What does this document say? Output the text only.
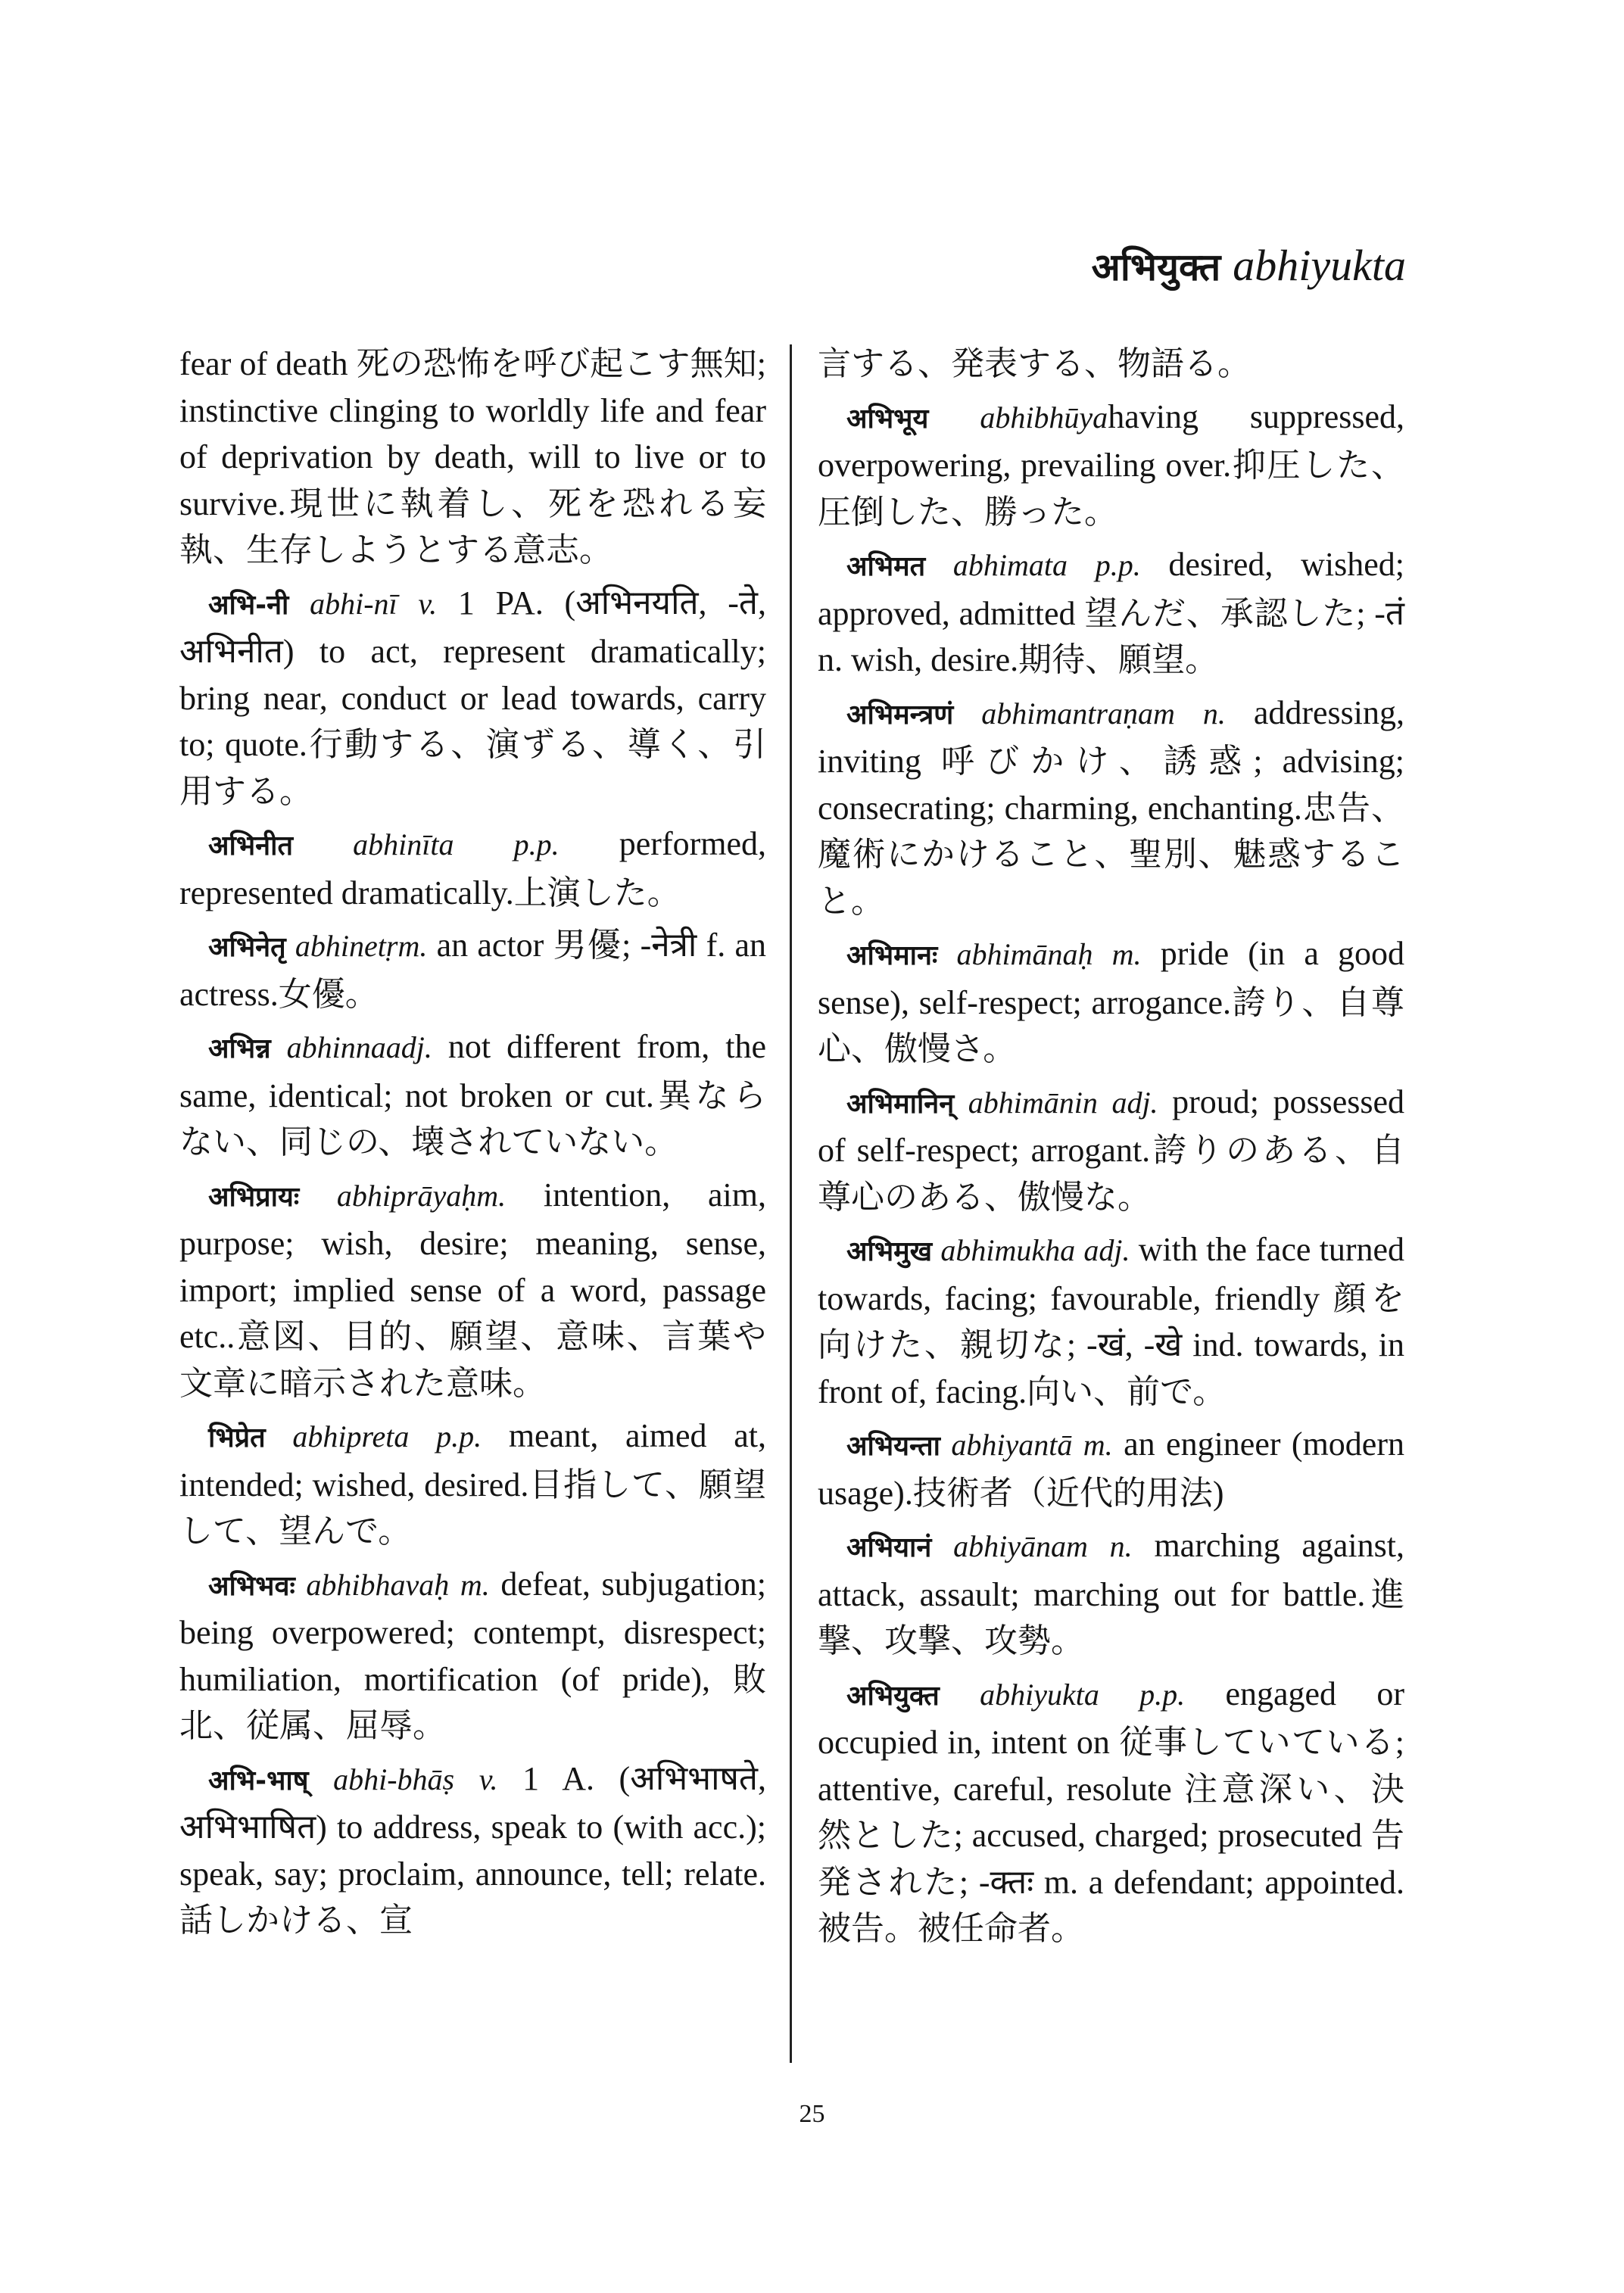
अभियुक्त abhiyukta

fear of death 死の恐怖を呼び起こす無知; instinctive clinging to worldly life and fear of deprivation by death, will to live or to survive.現世に執着し、死を恐れる妄執、生存しようとする意志。

अभि-नी abhi-nī v. 1 PA. (अभिनयति, -ते, अभिनीत) to act, represent dramatically; bring near, conduct or lead towards, carry to; quote.行動する、演ずる、導く、引用する。

अभिनीत abhinīta p.p. performed, represented dramatically.上演した。

अभिनेतृ abhinetṛm. an actor 男優; -नेत्री f. an actress.女優。

अभिन्न abhinnaadj. not different from, the same, identical; not broken or cut.異ならない、同じの、壊されていない。

अभिप्रायः abhiprāyaḥm. intention, aim, purpose; wish, desire; meaning, sense, import; implied sense of a word, passage etc..意図、目的、願望、意味、言葉や文章に暗示された意味。

भिप्रेत abhipreta p.p. meant, aimed at, intended; wished, desired.目指して、願望して、望んで。

अभिभवः abhibhavaḥ m. defeat, subjugation; being overpowered; contempt, disrespect; humiliation, mortification (of pride), 敗北、従属、屈辱。

अभि-भाष् abhi-bhāṣ v. 1 A. (अभिभाषते, अभिभाषित) to address, speak to (with acc.); speak, say; proclaim, announce, tell; relate.話しかける、宣

言する、発表する、物語る。

अभिभूय abhibhūyahaving suppressed, overpowering, prevailing over.抑圧した、圧倒した、勝った。

अभिमत abhimata p.p. desired, wished; approved, admitted 望んだ、承認した; -तं n. wish, desire.期待、願望。

अभिमन्त्रणं abhimantraṇam n. addressing, inviting 呼びかけ、誘惑; advising; consecrating; charming, enchanting.忠告、魔術にかけること、聖別、魅惑すること。

अभिमानः abhimānaḥ m. pride (in a good sense), self-respect; arrogance.誇り、自尊心、傲慢さ。

अभिमानिन् abhimānin adj. proud; possessed of self-respect; arrogant.誇りのある、自尊心のある、傲慢な。

अभिमुख abhimukha adj. with the face turned towards, facing; favourable, friendly 顔を向けた、親切な; -खं, -खे ind. towards, in front of, facing.向い、前で。

अभियन्ता abhiyantā m. an engineer (modern usage).技術者（近代的用法)

अभियानं abhiyānam n. marching against, attack, assault; marching out for battle.進撃、攻撃、攻勢。

अभियुक्त abhiyukta p.p. engaged or occupied in, intent on 従事していている; attentive, careful, resolute 注意深い、決然とした; accused, charged; prosecuted 告発された; -क्तः m. a defendant; appointed.被告。被任命者。

25
